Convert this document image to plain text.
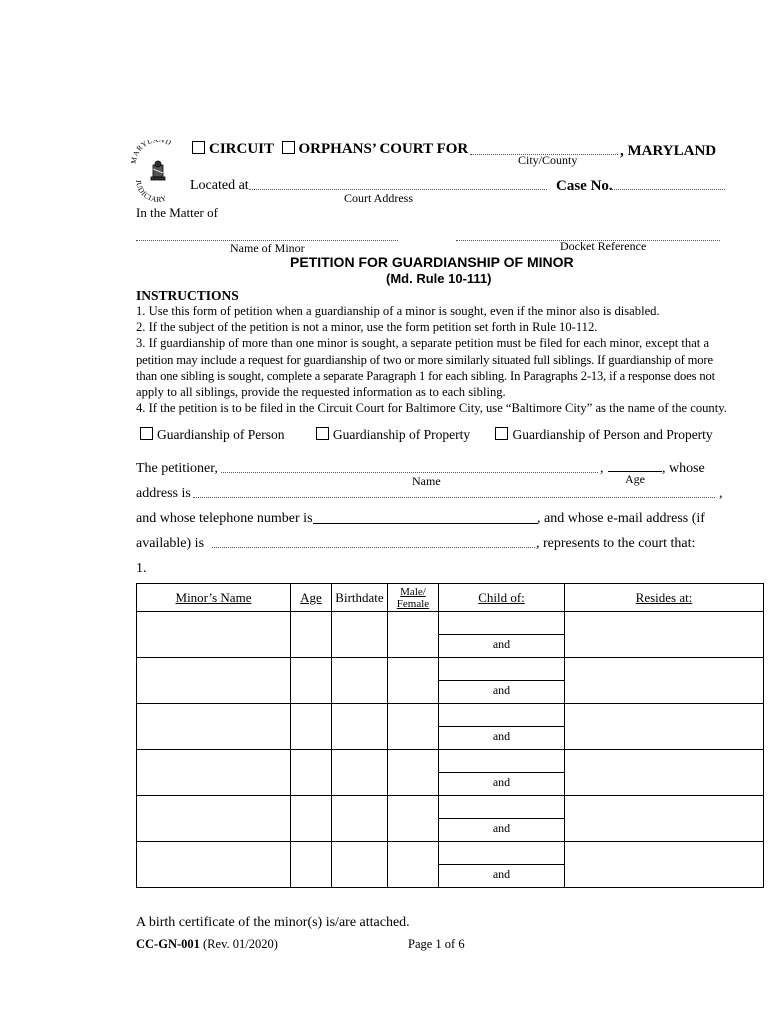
ARYL D
JUDICIARY
CIRCUIT ORPHANS’ COURT FOR
City/County
, MARYLAND
Located at
Court Address
Case No.
In the Matter of
Name of Minor	Docket Reference
PETITION FOR GUARDIANSHIP OF MINOR
(Md. Rule 10-111)
INSTRUCTIONS
1. Use this form of petition when a guardianship of a minor is sought, even if the minor also is disabled.
2. If the subject of the petition is not a minor, use the form petition set forth in Rule 10-112.
3. If guardianship of more than one minor is sought, a separate petition must be filed for each minor, except that a
petition may include a request for guardianship of two or more similarly situated full siblings. If guardianship of more
than one sibling is sought, complete a separate Paragraph 1 for each sibling. In Paragraphs 2-13, if a response does not
apply to all siblings, provide the requested information as to each sibling.
4. If the petition is to be filed in the Circuit Court for Baltimore City, use “Baltimore City” as the name of the county.
Guardianship of Person	Guardianship of Property	Guardianship of Person and Property
The petitioner,
Name
,
Age
, whose
address is	,
and whose telephone number is	, and whose e-mail address (if
available) is	, represents to the court that:
1.
Minor’s Name	Age	Birthdate	Male/ Female	Child of:	Resides at:

				and	

				and	

				and	

				and	

				and	

				and	

A birth certificate of the minor(s) is/are attached.
CC-GN-001 (Rev. 01/2020)	Page 1 of 6
